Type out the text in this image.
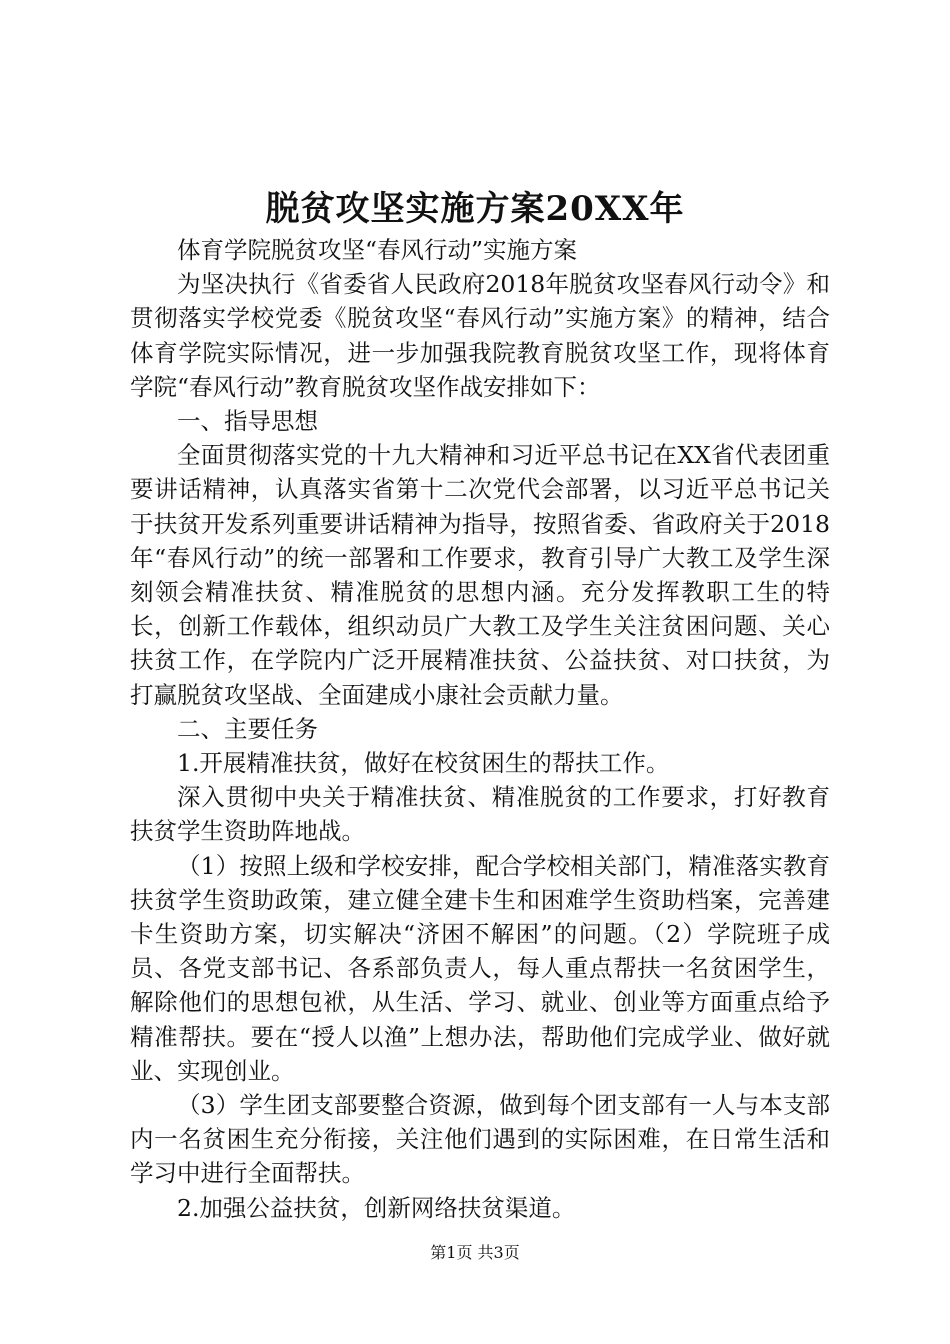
脱贫攻坚实施方案20XX年

体育学院脱贫攻坚“春风行动”实施方案

为坚决执行《省委省人民政府2018年脱贫攻坚春风行动令》和贯彻落实学校党委《脱贫攻坚“春风行动”实施方案》的精神，结合体育学院实际情况，进一步加强我院教育脱贫攻坚工作，现将体育学院“春风行动”教育脱贫攻坚作战安排如下：

一、指导思想

全面贯彻落实党的十九大精神和习近平总书记在XX省代表团重要讲话精神，认真落实省第十二次党代会部署，以习近平总书记关于扶贫开发系列重要讲话精神为指导，按照省委、省政府关于2018年“春风行动”的统一部署和工作要求，教育引导广大教工及学生深刻领会精准扶贫、精准脱贫的思想内涵。充分发挥教职工生的特长，创新工作载体，组织动员广大教工及学生关注贫困问题、关心扶贫工作，在学院内广泛开展精准扶贫、公益扶贫、对口扶贫，为打赢脱贫攻坚战、全面建成小康社会贡献力量。

二、主要任务

1.开展精准扶贫，做好在校贫困生的帮扶工作。

深入贯彻中央关于精准扶贫、精准脱贫的工作要求，打好教育扶贫学生资助阵地战。

（1）按照上级和学校安排，配合学校相关部门，精准落实教育扶贫学生资助政策，建立健全建卡生和困难学生资助档案，完善建卡生资助方案，切实解决“济困不解困”的问题。（2）学院班子成员、各党支部书记、各系部负责人，每人重点帮扶一名贫困学生，解除他们的思想包袱，从生活、学习、就业、创业等方面重点给予精准帮扶。要在“授人以渔”上想办法，帮助他们完成学业、做好就业、实现创业。

（3）学生团支部要整合资源，做到每个团支部有一人与本支部内一名贫困生充分衔接，关注他们遇到的实际困难，在日常生活和学习中进行全面帮扶。

2.加强公益扶贫，创新网络扶贫渠道。

第1页 共3页
